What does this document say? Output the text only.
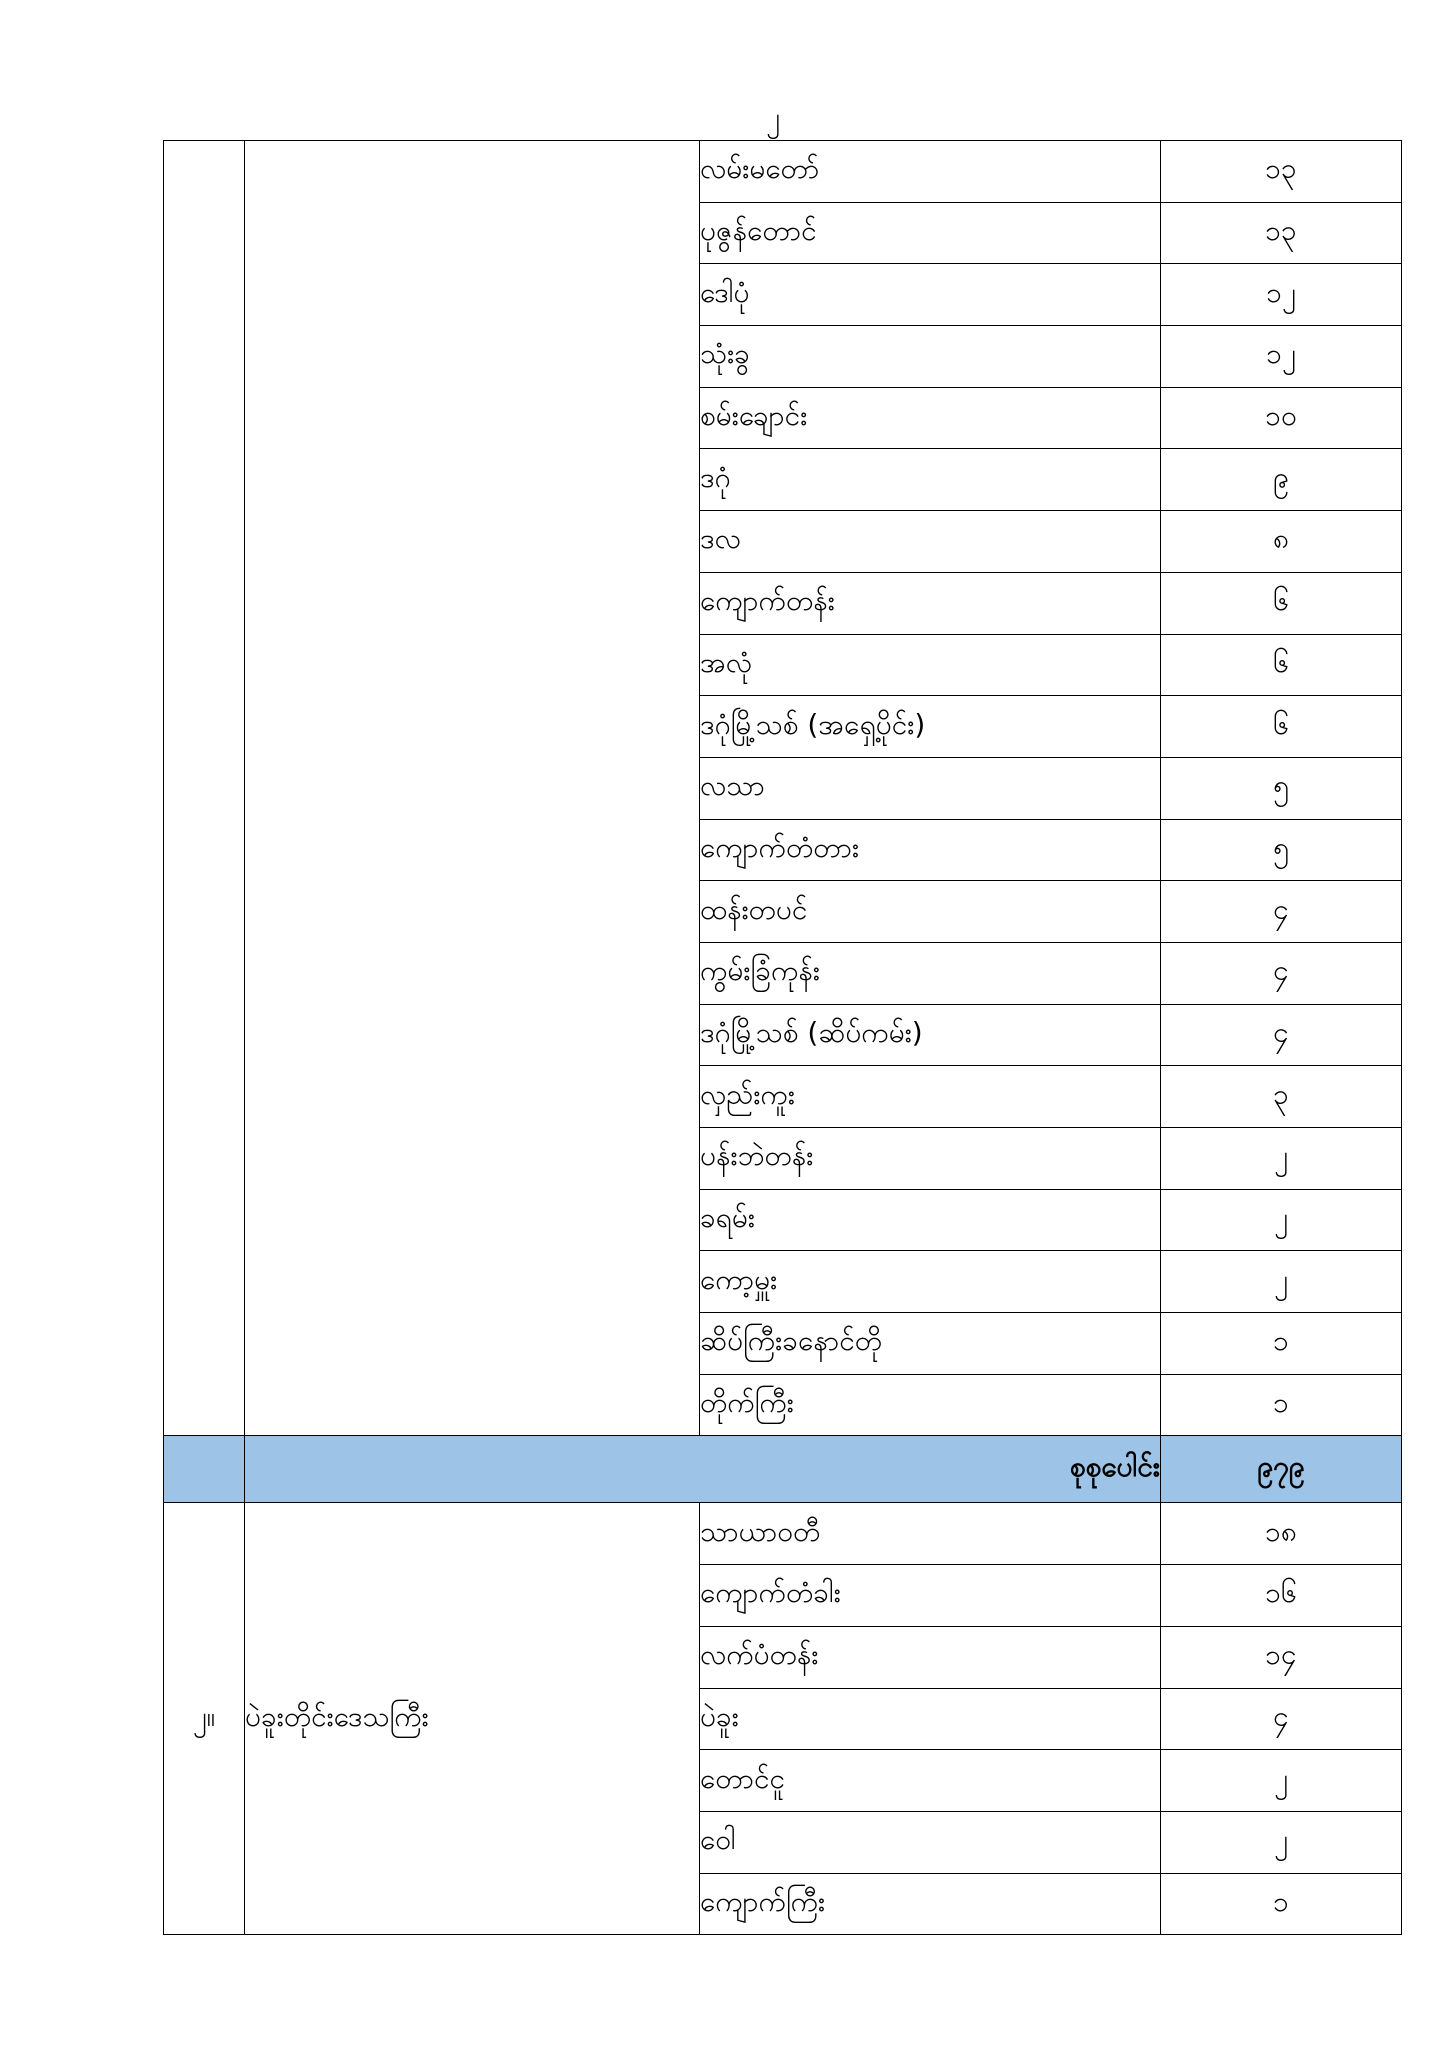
၂
		လမ်းမတော်	၁၃
		ပုဇွန်တောင်	၁၃
		ဒေါပုံ	၁၂
		သုံးခွ	၁၂
		စမ်းချောင်း	၁၀
		ဒဂုံ	၉
		ဒလ	၈
		ကျောက်တန်း	၆
		အလုံ	၆
		ဒဂုံမြို့သစ် (အရှေ့ပိုင်း)	၆
		လသာ	၅
		ကျောက်တံတား	၅
		ထန်းတပင်	၄
		ကွမ်းခြံကုန်း	၄
		ဒဂုံမြို့သစ် (ဆိပ်ကမ်း)	၄
		လှည်းကူး	၃
		ပန်းဘဲတန်း	၂
		ခရမ်း	၂
		ကော့မှူး	၂
		ဆိပ်ကြီးခနောင်တို	၁
		တိုက်ကြီး	၁
	စုစုပေါင်း		၉၇၉
၂။	ပဲခူးတိုင်းဒေသကြီး	သာယာဝတီ	၁၈
		ကျောက်တံခါး	၁၆
		လက်ပံတန်း	၁၄
		ပဲခူး	၄
		တောင်ငူ	၂
		ဝေါ	၂
		ကျောက်ကြီး	၁
